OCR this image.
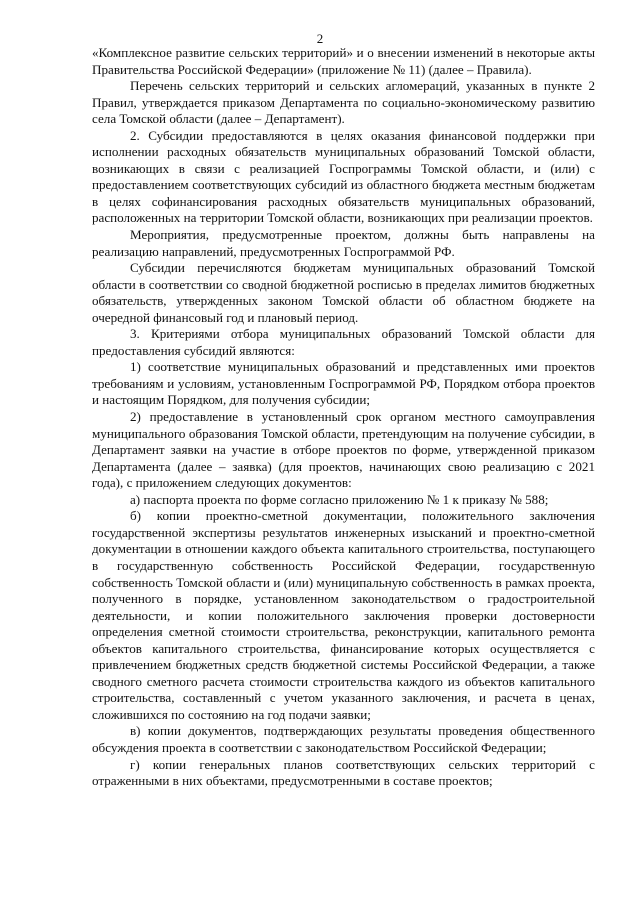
2

«Комплексное развитие сельских территорий» и о внесении изменений в некоторые акты Правительства Российской Федерации» (приложение № 11) (далее – Правила).

Перечень сельских территорий и сельских агломераций, указанных в пункте 2 Правил, утверждается приказом Департамента по социально-экономическому развитию села Томской области (далее – Департамент).

2. Субсидии предоставляются в целях оказания финансовой поддержки при исполнении расходных обязательств муниципальных образований Томской области, возникающих в связи с реализацией Госпрограммы Томской области, и (или) с предоставлением соответствующих субсидий из областного бюджета местным бюджетам в целях софинансирования расходных обязательств муниципальных образований, расположенных на территории Томской области, возникающих при реализации проектов.

Мероприятия, предусмотренные проектом, должны быть направлены на реализацию направлений, предусмотренных Госпрограммой РФ.

Субсидии перечисляются бюджетам муниципальных образований Томской области в соответствии со сводной бюджетной росписью в пределах лимитов бюджетных обязательств, утвержденных законом Томской области об областном бюджете на очередной финансовый год и плановый период.

3. Критериями отбора муниципальных образований Томской области для предоставления субсидий являются:

1) соответствие муниципальных образований и представленных ими проектов требованиям и условиям, установленным Госпрограммой РФ, Порядком отбора проектов и настоящим Порядком, для получения субсидии;

2) предоставление в установленный срок органом местного самоуправления муниципального образования Томской области, претендующим на получение субсидии, в Департамент заявки на участие в отборе проектов по форме, утвержденной приказом Департамента (далее – заявка) (для проектов, начинающих свою реализацию с 2021 года), с приложением следующих документов:

а) паспорта проекта по форме согласно приложению № 1 к приказу № 588;

б) копии проектно-сметной документации, положительного заключения государственной экспертизы результатов инженерных изысканий и проектно-сметной документации в отношении каждого объекта капитального строительства, поступающего в государственную собственность Российской Федерации, государственную собственность Томской области и (или) муниципальную собственность в рамках проекта, полученного в порядке, установленном законодательством о градостроительной деятельности, и копии положительного заключения проверки достоверности определения сметной стоимости строительства, реконструкции, капитального ремонта объектов капитального строительства, финансирование которых осуществляется с привлечением бюджетных средств бюджетной системы Российской Федерации, а также сводного сметного расчета стоимости строительства каждого из объектов капитального строительства, составленный с учетом указанного заключения, и расчета в ценах, сложившихся по состоянию на год подачи заявки;

в) копии документов, подтверждающих результаты проведения общественного обсуждения проекта в соответствии с законодательством Российской Федерации;

г) копии генеральных планов соответствующих сельских территорий с отраженными в них объектами, предусмотренными в составе проектов;
